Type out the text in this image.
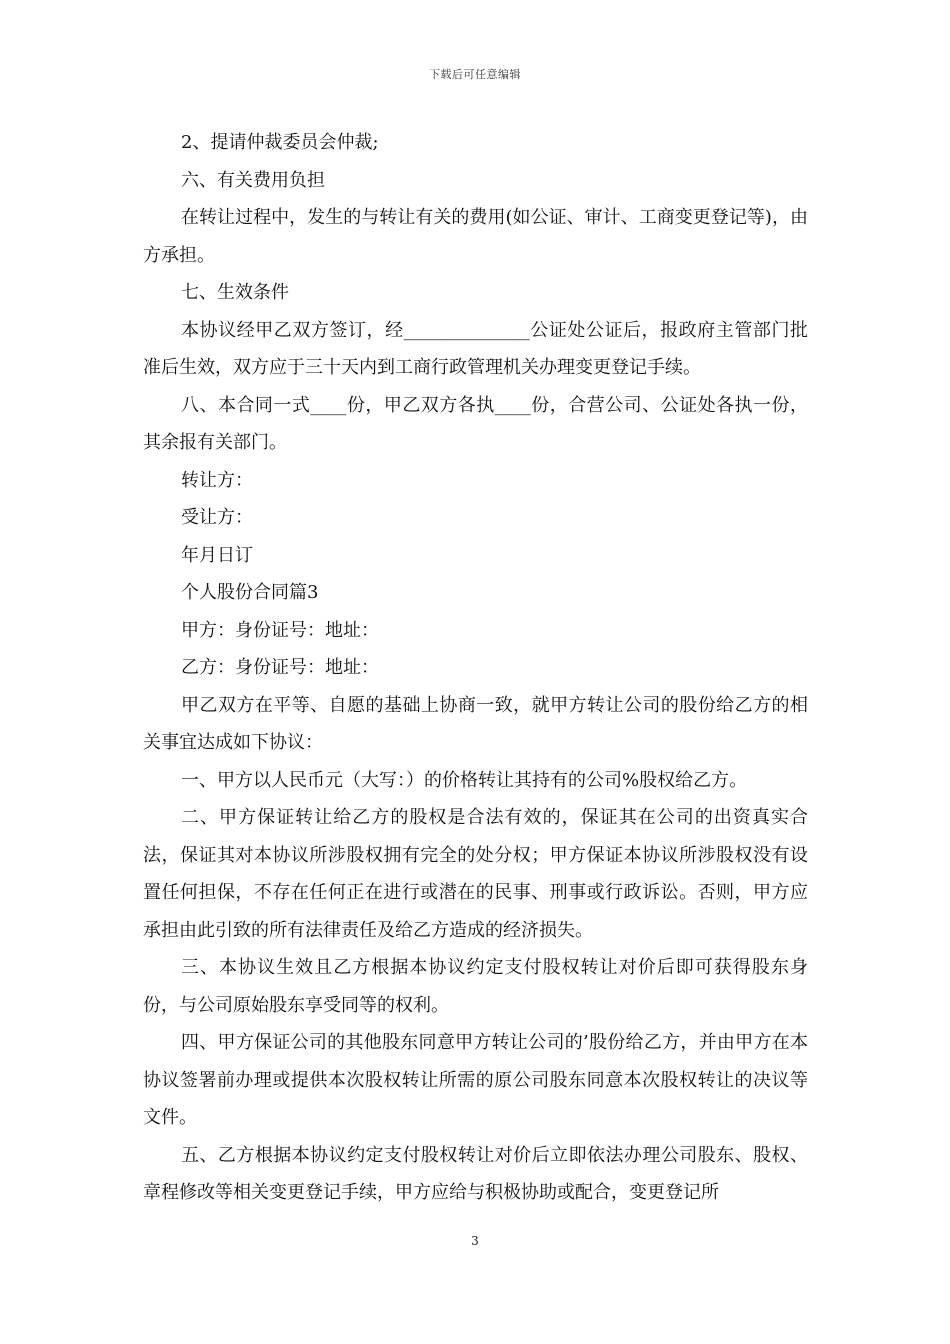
下载后可任意编辑

2、提请仲裁委员会仲裁;

六、有关费用负担

在转让过程中，发生的与转让有关的费用(如公证、审计、工商变更登记等)，由方承担。

七、生效条件

本协议经甲乙双方签订，经______________公证处公证后，报政府主管部门批准后生效，双方应于三十天内到工商行政管理机关办理变更登记手续。

八、本合同一式____份，甲乙双方各执____份，合营公司、公证处各执一份，其余报有关部门。

转让方：

受让方：

年月日订

个人股份合同篇3

甲方：身份证号：地址：

乙方：身份证号：地址：

甲乙双方在平等、自愿的基础上协商一致，就甲方转让公司的股份给乙方的相关事宜达成如下协议：

一、甲方以人民币元（大写：）的价格转让其持有的公司%股权给乙方。

二、甲方保证转让给乙方的股权是合法有效的，保证其在公司的出资真实合法，保证其对本协议所涉股权拥有完全的处分权；甲方保证本协议所涉股权没有设置任何担保，不存在任何正在进行或潜在的民事、刑事或行政诉讼。否则，甲方应承担由此引致的所有法律责任及给乙方造成的经济损失。

三、本协议生效且乙方根据本协议约定支付股权转让对价后即可获得股东身份，与公司原始股东享受同等的权利。

四、甲方保证公司的其他股东同意甲方转让公司的’股份给乙方，并由甲方在本协议签署前办理或提供本次股权转让所需的原公司股东同意本次股权转让的决议等文件。

五、乙方根据本协议约定支付股权转让对价后立即依法办理公司股东、股权、章程修改等相关变更登记手续，甲方应给与积极协助或配合，变更登记所

3
